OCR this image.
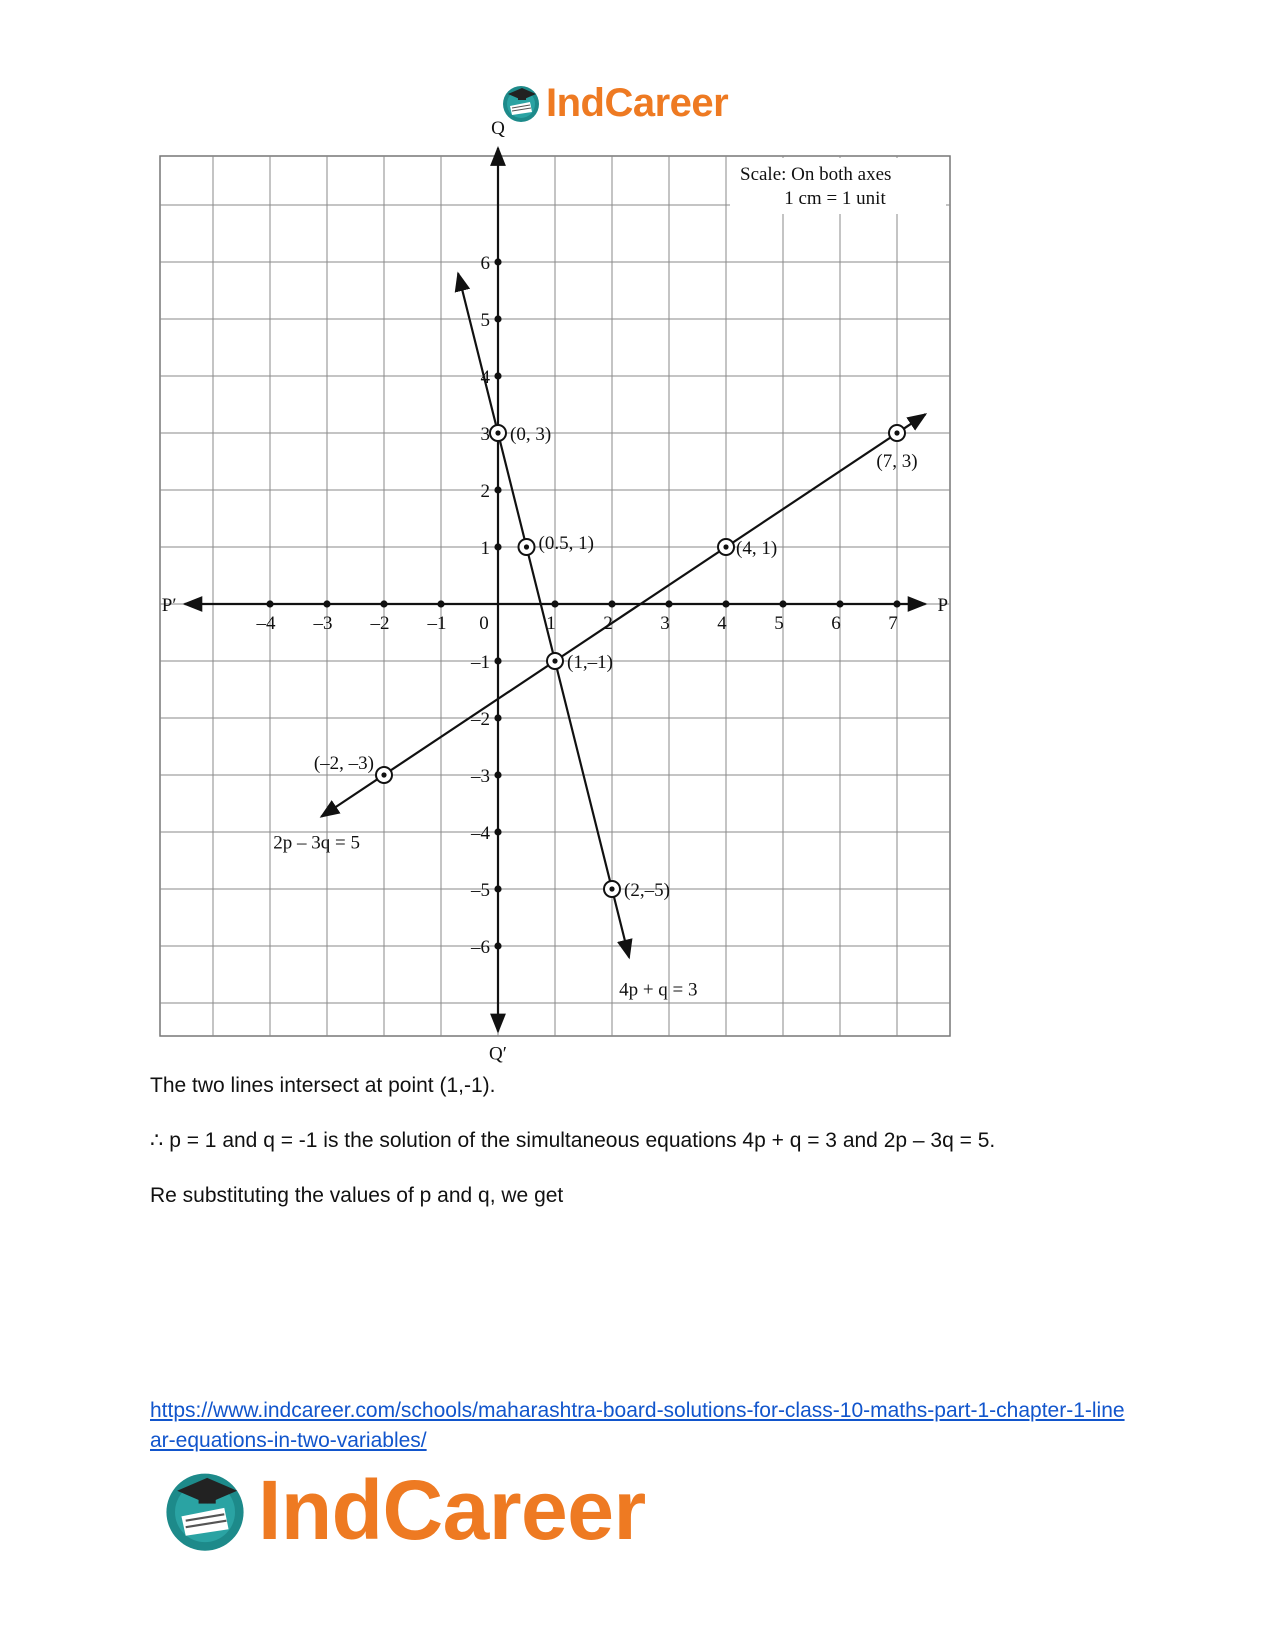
IndCareer
P
P′
Q
Q′
–4 –3 –2 –1 0	1	2	3	4	5	6	7
6
5
4
3
2
1
–1
–2
–3
–4
–5
–6
(0, 3)
(0.5, 1)
(2,–5)
(–2, –3)
(4, 1)
(7, 3)
(1,–1)
4p + q = 3
2p – 3q = 5
Scale: On both axes
1 cm = 1 unit

The two lines intersect at point (1,-1).

∴ p = 1 and q = -1 is the solution of the simultaneous equations 4p + q = 3 and 2p – 3q = 5.

Re substituting the values of p and q, we get

https://www.indcareer.com/schools/maharashtra-board-solutions-for-class-10-maths-part-1-chapter-1-linear-equations-in-two-variables/
IndCareer
